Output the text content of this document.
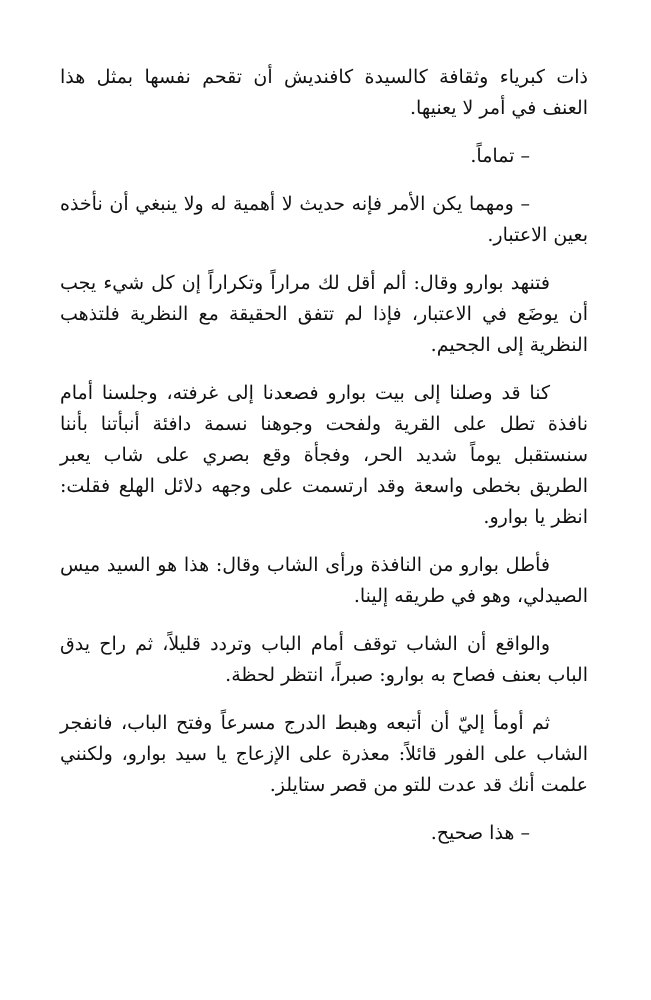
ذات كبرياء وثقافة كالسيدة كافنديش أن تقحم نفسها بمثل هذا العنف في أمر لا يعنيها.

– تماماً.

– ومهما يكن الأمر فإنه حديث لا أهمية له ولا ينبغي أن نأخذه بعين الاعتبار.

فتنهد بوارو وقال: ألم أقل لك مراراً وتكراراً إن كل شيء يجب أن يوضَع في الاعتبار، فإذا لم تتفق الحقيقة مع النظرية فلتذهب النظرية إلى الجحيم.

كنا قد وصلنا إلى بيت بوارو فصعدنا إلى غرفته، وجلسنا أمام نافذة تطل على القرية ولفحت وجوهنا نسمة دافئة أنبأتنا بأننا سنستقبل يوماً شديد الحر، وفجأة وقع بصري على شاب يعبر الطريق بخطى واسعة وقد ارتسمت على وجهه دلائل الهلع فقلت: انظر يا بوارو.

فأطل بوارو من النافذة ورأى الشاب وقال: هذا هو السيد ميس الصيدلي، وهو في طريقه إلينا.

والواقع أن الشاب توقف أمام الباب وتردد قليلاً، ثم راح يدق الباب بعنف فصاح به بوارو: صبراً، انتظر لحظة.

ثم أومأ إليّ أن أتبعه وهبط الدرج مسرعاً وفتح الباب، فانفجر الشاب على الفور قائلاً: معذرة على الإزعاج يا سيد بوارو، ولكنني علمت أنك قد عدت للتو من قصر ستايلز.

– هذا صحيح.
